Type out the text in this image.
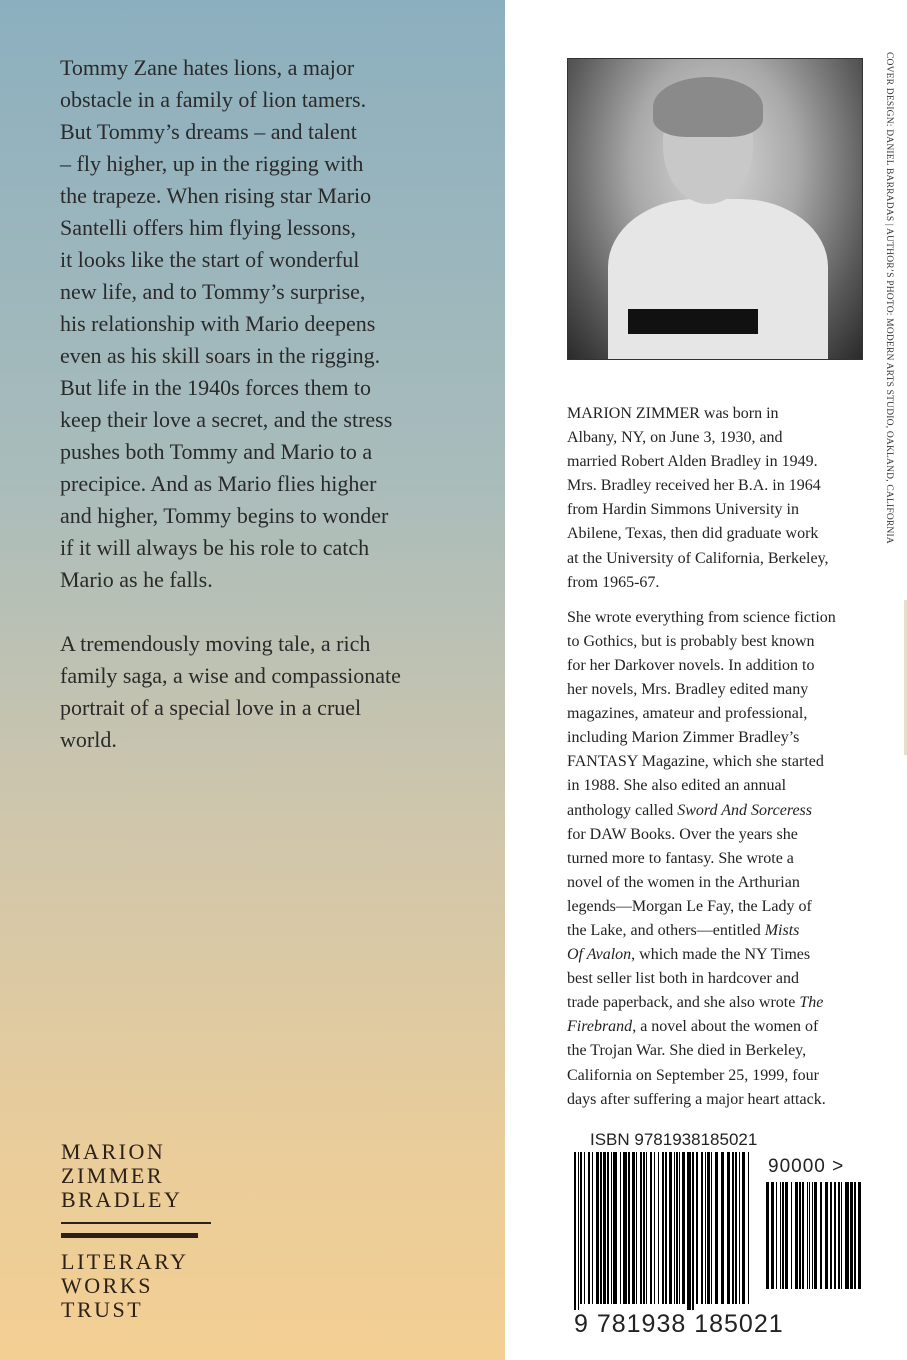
Tommy Zane hates lions, a major
obstacle in a family of lion tamers.
But Tommy’s dreams – and talent
– fly higher, up in the rigging with
the trapeze. When rising star Mario
Santelli offers him flying lessons,
it looks like the start of wonderful
new life, and to Tommy’s surprise,
his relationship with Mario deepens
even as his skill soars in the rigging.
But life in the 1940s forces them to
keep their love a secret, and the stress
pushes both Tommy and Mario to a
precipice. And as Mario flies higher
and higher, Tommy begins to wonder
if it will always be his role to catch
Mario as he falls.
A tremendously moving tale, a rich
family saga, a wise and compassionate
portrait of a special love in a cruel
world.
MARION
ZIMMER
BRADLEY
LITERARY
WORKS
TRUST
COVER DESIGN: DANIEL BARRADAS | AUTHOR’S PHOTO: MODERN ARTS STUDIO, OAKLAND, CALIFORNIA
MARION ZIMMER was born in
Albany, NY, on June 3, 1930, and
married Robert Alden Bradley in 1949.
Mrs. Bradley received her B.A. in 1964
from Hardin Simmons University in
Abilene, Texas, then did graduate work
at the University of California, Berkeley,
from 1965-67.
She wrote everything from science fiction
to Gothics, but is probably best known
for her Darkover novels. In addition to
her novels, Mrs. Bradley edited many
magazines, amateur and professional,
including Marion Zimmer Bradley’s
FANTASY Magazine, which she started
in 1988. She also edited an annual
anthology called Sword And Sorceress
for DAW Books. Over the years she
turned more to fantasy. She wrote a
novel of the women in the Arthurian
legends—Morgan Le Fay, the Lady of
the Lake, and others—entitled Mists
Of Avalon, which made the NY Times
best seller list both in hardcover and
trade paperback, and she also wrote The
Firebrand, a novel about the women of
the Trojan War. She died in Berkeley,
California on September 25, 1999, four
days after suffering a major heart attack.
ISBN 9781938185021
90000 >
9 781938 185021
